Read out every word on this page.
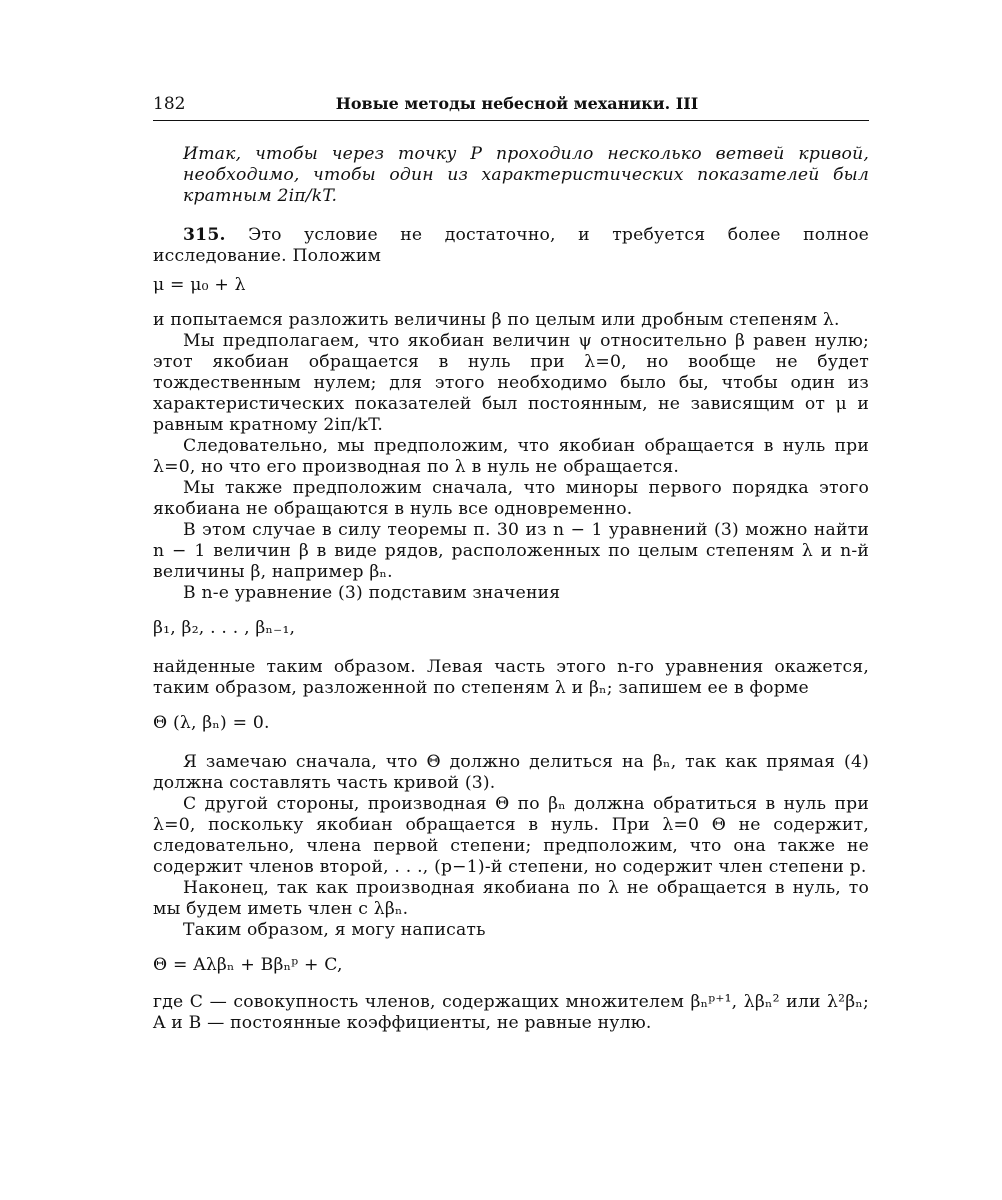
182	Новые методы небесной механики. III

Итак, чтобы через точку P проходило несколько ветвей кривой, необходимо, чтобы один из характеристических показателей был кратным 2iπ/kT.

315. Это условие не достаточно, и требуется более полное исследование. Положим

μ = μ₀ + λ

и попытаемся разложить величины β по целым или дробным степеням λ.

Мы предполагаем, что якобиан величин ψ относительно β равен нулю; этот якобиан обращается в нуль при λ=0, но вообще не будет тождественным нулем; для этого необходимо было бы, чтобы один из характеристических показателей был постоянным, не зависящим от μ и равным кратному 2iπ/kT.

Следовательно, мы предположим, что якобиан обращается в нуль при λ=0, но что его производная по λ в нуль не обращается.

Мы также предположим сначала, что миноры первого порядка этого якобиана не обращаются в нуль все одновременно.

В этом случае в силу теоремы п. 30 из n − 1 уравнений (3) можно найти n − 1 величин β в виде рядов, расположенных по целым степеням λ и n-й величины β, например βₙ.

В n-е уравнение (3) подставим значения

β₁, β₂, . . . , βₙ₋₁,

найденные таким образом. Левая часть этого n-го уравнения окажется, таким образом, разложенной по степеням λ и βₙ; запишем ее в форме

Θ (λ, βₙ) = 0.

Я замечаю сначала, что Θ должно делиться на βₙ, так как прямая (4) должна составлять часть кривой (3).

С другой стороны, производная Θ по βₙ должна обратиться в нуль при λ=0, поскольку якобиан обращается в нуль. При λ=0 Θ не содержит, следовательно, члена первой степени; предположим, что она также не содержит членов второй, . . ., (p−1)-й степени, но содержит член степени p.

Наконец, так как производная якобиана по λ не обращается в нуль, то мы будем иметь член с λβₙ.

Таким образом, я могу написать

Θ = Aλβₙ + Bβₙᵖ + C,

где C — совокупность членов, содержащих множителем βₙᵖ⁺¹, λβₙ² или λ²βₙ; A и B — постоянные коэффициенты, не равные нулю.
